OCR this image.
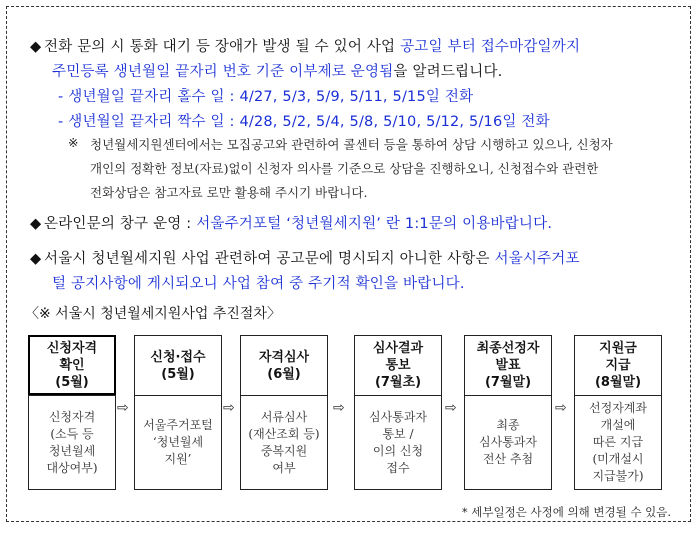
◆ 전화 문의 시 통화 대기 등 장애가 발생 될 수 있어 사업 공고일 부터 접수마감일까지
주민등록 생년월일 끝자리 번호 기준 이부제로 운영됨을 알려드립니다.
- 생년월일 끝자리 홀수 일 : 4/27, 5/3, 5/9, 5/11, 5/15일 전화
- 생년월일 끝자리 짝수 일 : 4/28, 5/2, 5/4, 5/8, 5/10, 5/12, 5/16일 전화
※ 청년월세지원센터에서는 모집공고와 관련하여 콜센터 등을 통하여 상담 시행하고 있으나, 신청자
개인의 정확한 정보(자료)없이 신청자 의사를 기준으로 상담을 진행하오니, 신청접수와 관련한
전화상담은 참고자료 로만 활용해 주시기 바랍니다.
◆ 온라인문의 창구 운영 : 서울주거포털 ‘청년월세지원’ 란 1:1문의 이용바랍니다.
◆ 서울시 청년월세지원 사업 관련하여 공고문에 명시되지 아니한 사항은 서울시주거포
털 공지사항에 게시되오니 사업 참여 중 주기적 확인을 바랍니다.
〈※ 서울시 청년월세지원사업 추진절차〉
신청자격
확인
(5월)
신청자격
(소득 등
청년월세
대상여부)
⇨
신청·접수
(5월)
서울주거포털
‘청년월세
지원’
⇨
자격심사
(6월)
서류심사
(재산조회 등)
중복지원
여부
⇨
심사결과
통보
(7월초)
심사통과자
통보 /
이의 신청
접수
⇨
최종선정자
발표
(7월말)
최종
심사통과자
전산 추첨
⇨
지원금
지급
(8월말)
선정자계좌
개설에
따른 지급
(미개설시
지급불가)
* 세부일정은 사정에 의해 변경될 수 있음.
